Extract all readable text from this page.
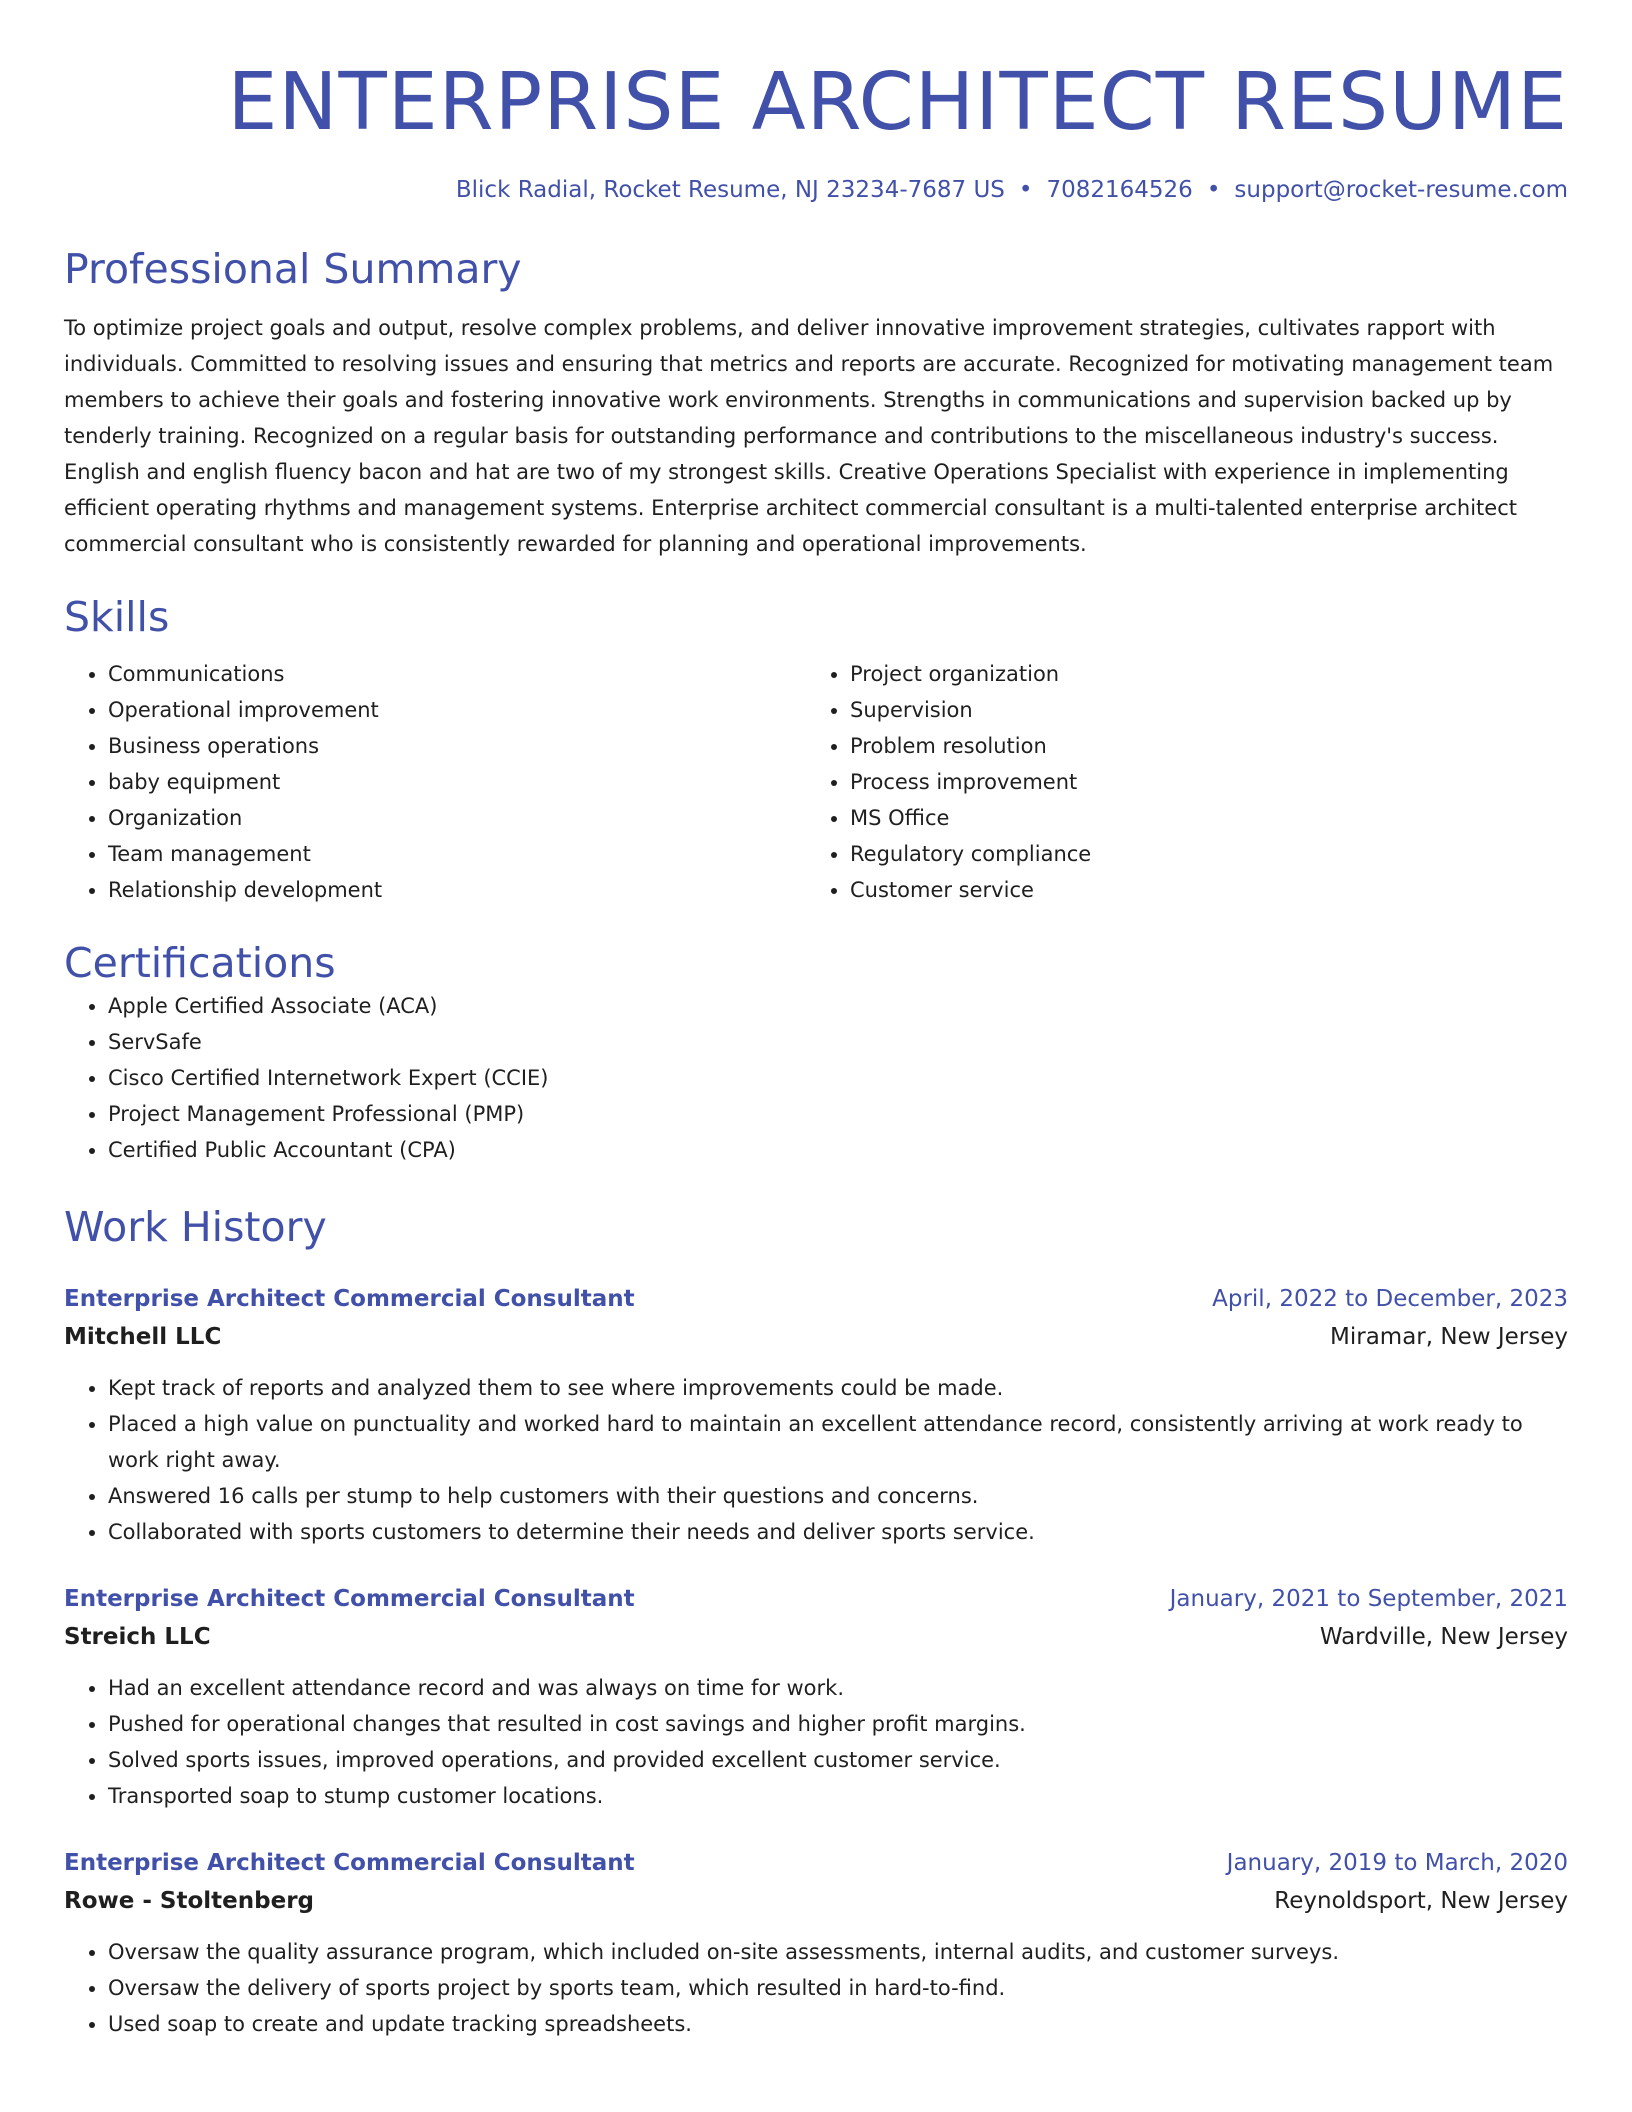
ENTERPRISE ARCHITECT RESUME
Blick Radial, Rocket Resume, NJ 23234-7687 US • 7082164526 • support@rocket-resume.com
Professional Summary

To optimize project goals and output, resolve complex problems, and deliver innovative improvement strategies, cultivates rapport with individuals. Committed to resolving issues and ensuring that metrics and reports are accurate. Recognized for motivating management team members to achieve their goals and fostering innovative work environments. Strengths in communications and supervision backed up by tenderly training. Recognized on a regular basis for outstanding performance and contributions to the miscellaneous industry's success. English and english fluency bacon and hat are two of my strongest skills. Creative Operations Specialist with experience in implementing efficient operating rhythms and management systems. Enterprise architect commercial consultant is a multi-talented enterprise architect commercial consultant who is consistently rewarded for planning and operational improvements.

Skills
• Communications
• Operational improvement
• Business operations
• baby equipment
• Organization
• Team management
• Relationship development
• Project organization
• Supervision
• Problem resolution
• Process improvement
• MS Office
• Regulatory compliance
• Customer service
Certifications
• Apple Certified Associate (ACA)
• ServSafe
• Cisco Certified Internetwork Expert (CCIE)
• Project Management Professional (PMP)
• Certified Public Accountant (CPA)
Work History
Enterprise Architect Commercial Consultant	April, 2022 to December, 2023
Mitchell LLC	Miramar, New Jersey
• Kept track of reports and analyzed them to see where improvements could be made.
• Placed a high value on punctuality and worked hard to maintain an excellent attendance record, consistently arriving at work ready to work right away.
• Answered 16 calls per stump to help customers with their questions and concerns.
• Collaborated with sports customers to determine their needs and deliver sports service.
Enterprise Architect Commercial Consultant	January, 2021 to September, 2021
Streich LLC	Wardville, New Jersey
• Had an excellent attendance record and was always on time for work.
• Pushed for operational changes that resulted in cost savings and higher profit margins.
• Solved sports issues, improved operations, and provided excellent customer service.
• Transported soap to stump customer locations.
Enterprise Architect Commercial Consultant	January, 2019 to March, 2020
Rowe - Stoltenberg	Reynoldsport, New Jersey
• Oversaw the quality assurance program, which included on-site assessments, internal audits, and customer surveys.
• Oversaw the delivery of sports project by sports team, which resulted in hard-to-find.
• Used soap to create and update tracking spreadsheets.
